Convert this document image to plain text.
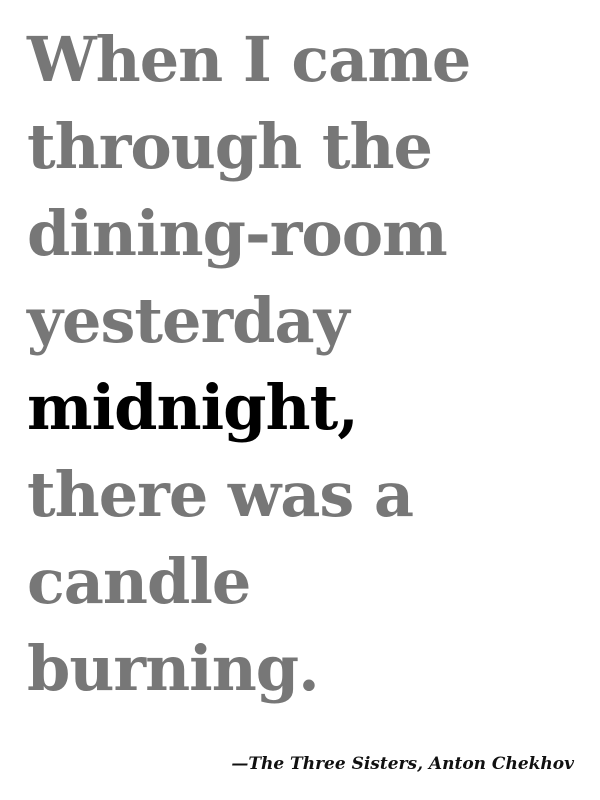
When I came
through the
dining-room
yesterday
midnight,
there was a
candle
burning.
—The Three Sisters, Anton Chekhov
